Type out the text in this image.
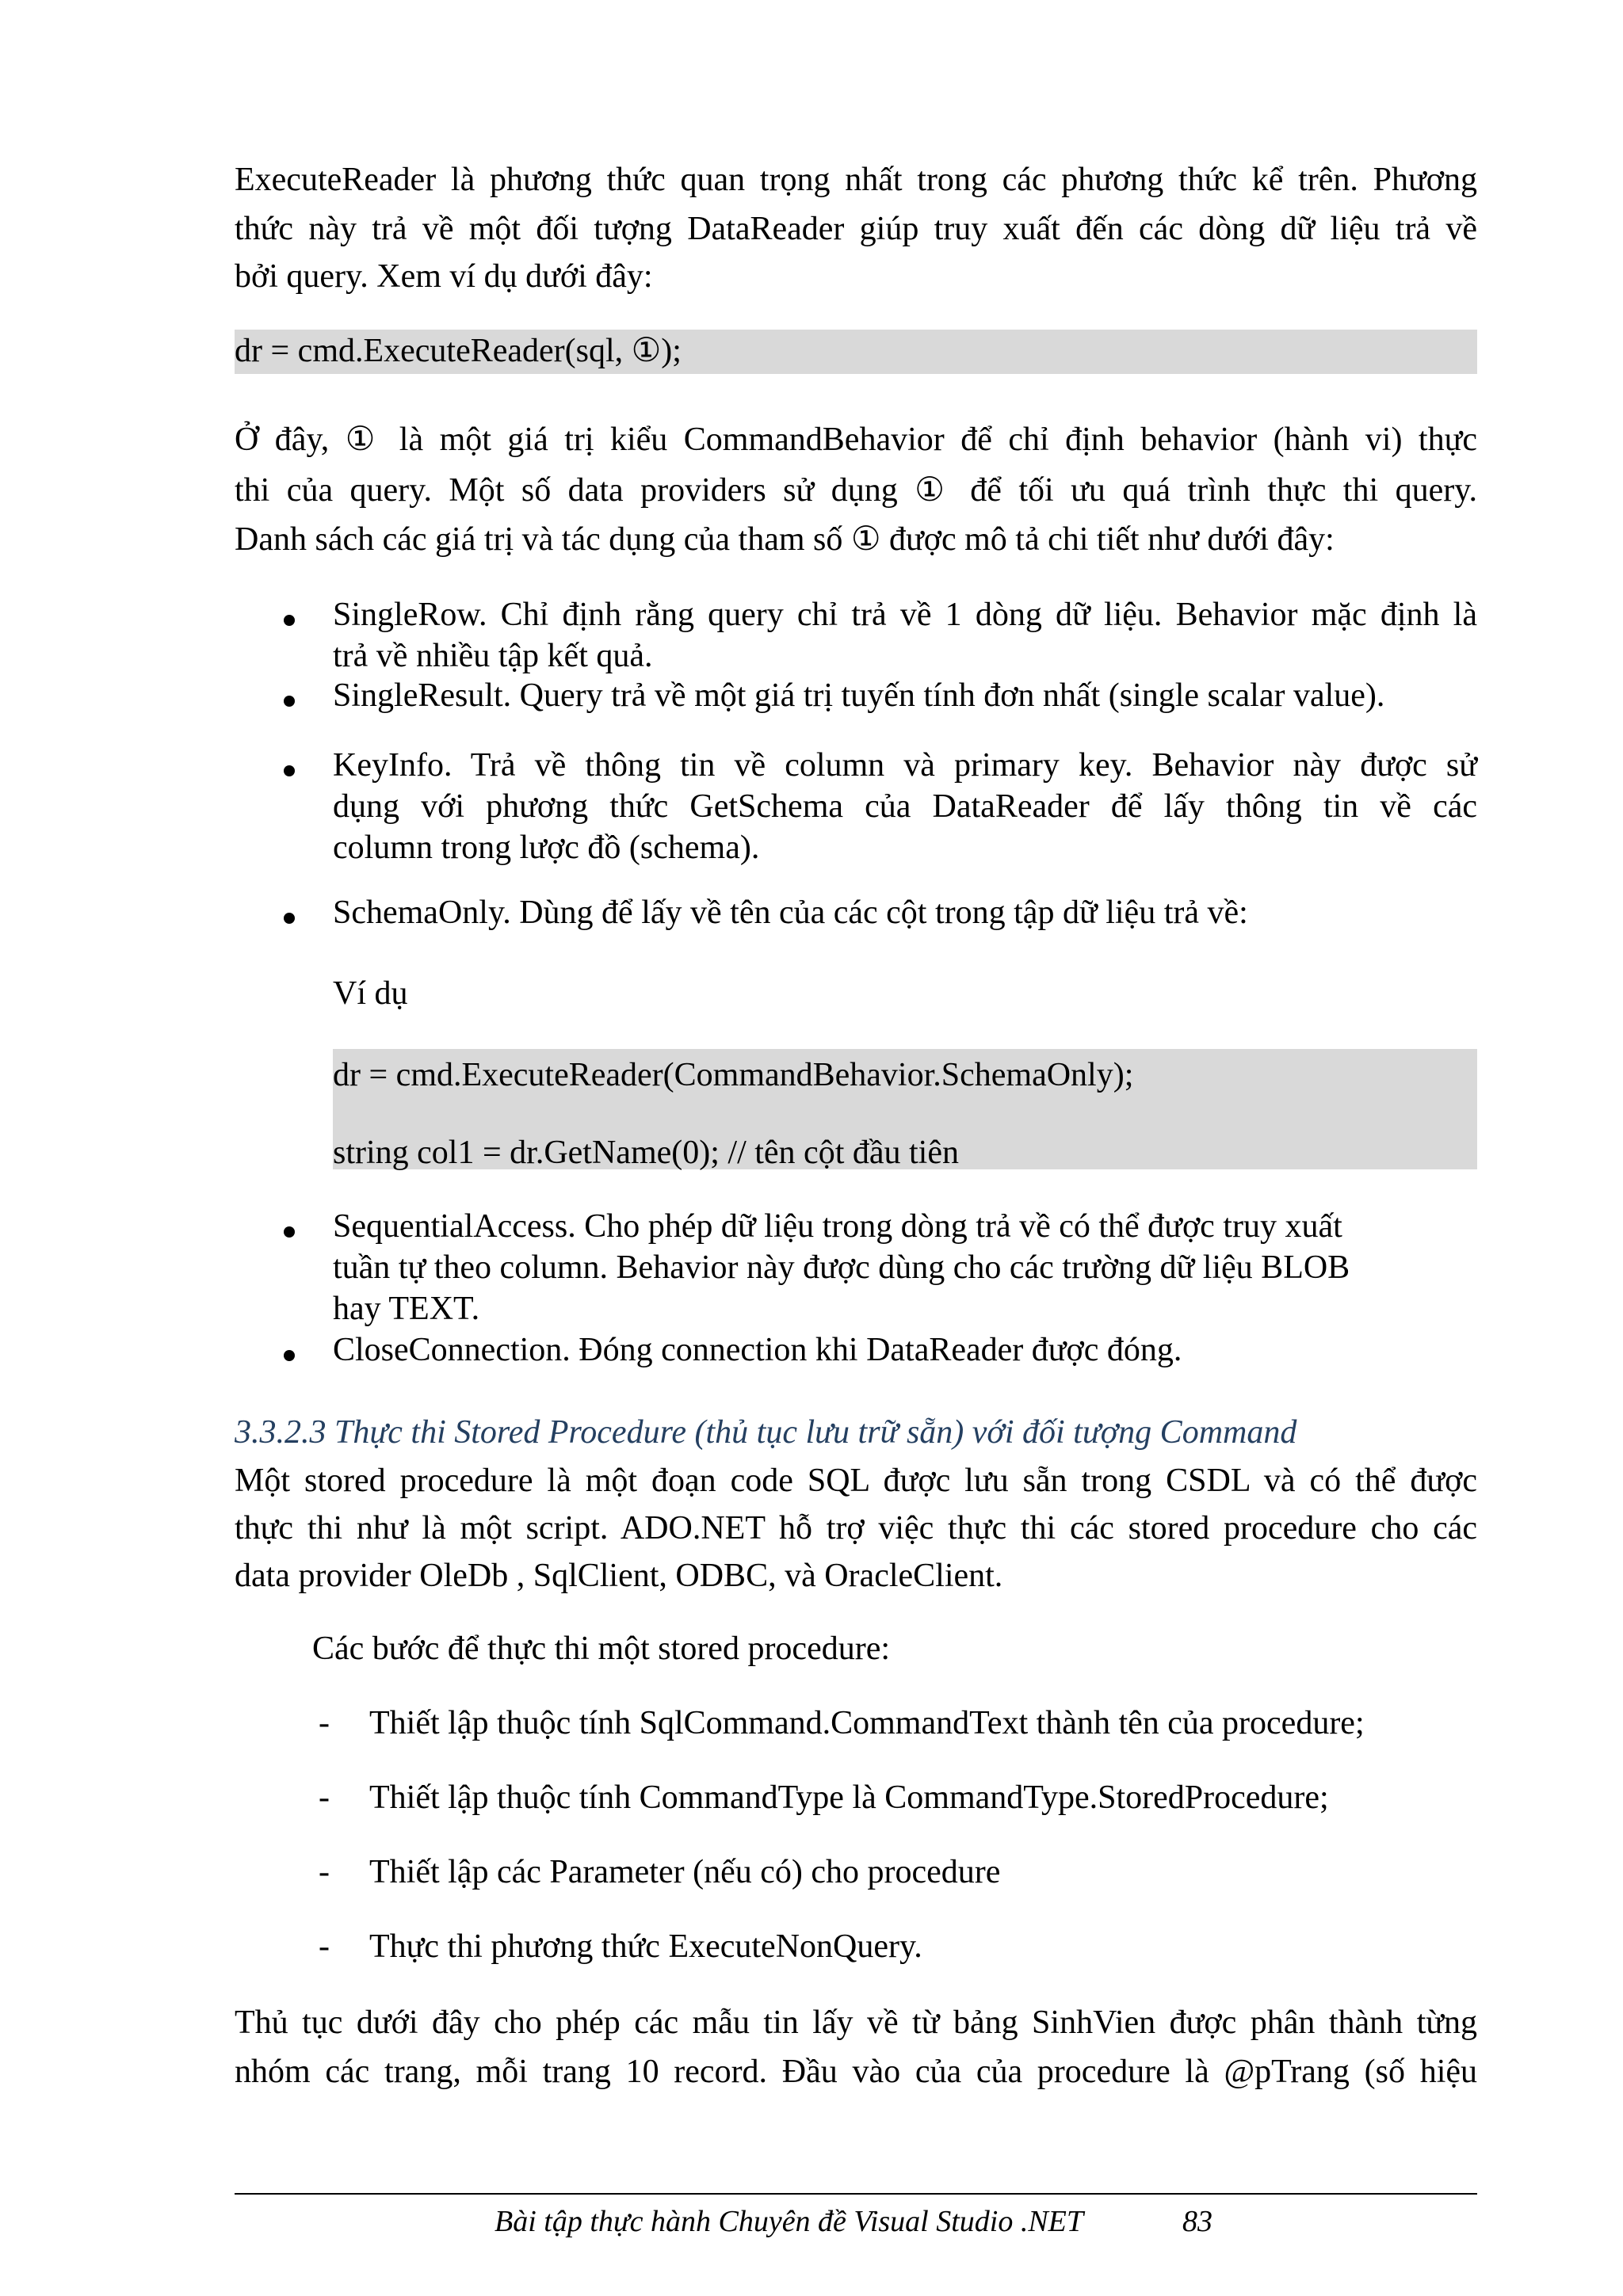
ExecuteReader là phương thức quan trọng nhất trong các phương thức kể trên. Phương
thức này trả về một đối tượng DataReader giúp truy xuất đến các dòng dữ liệu trả về
bởi query. Xem ví dụ dưới đây:
dr = cmd.ExecuteReader(sql, ①);
Ở đây, ① là một giá trị kiểu CommandBehavior để chỉ định behavior (hành vi) thực
thi của query. Một số data providers sử dụng ① để tối ưu quá trình thực thi query.
Danh sách các giá trị và tác dụng của tham số ① được mô tả chi tiết như dưới đây:
SingleRow. Chỉ định rằng query chỉ trả về 1 dòng dữ liệu. Behavior mặc định là
trả về nhiều tập kết quả.
SingleResult. Query trả về một giá trị tuyến tính đơn nhất (single scalar value).
KeyInfo. Trả về thông tin về column và primary key. Behavior này được sử
dụng với phương thức GetSchema của DataReader để lấy thông tin về các
column trong lược đồ (schema).
SchemaOnly. Dùng để lấy về tên của các cột trong tập dữ liệu trả về:
Ví dụ
dr = cmd.ExecuteReader(CommandBehavior.SchemaOnly);
string col1 = dr.GetName(0); // tên cột đầu tiên
SequentialAccess. Cho phép dữ liệu trong dòng trả về có thể được truy xuất
tuần tự theo column. Behavior này được dùng cho các trường dữ liệu BLOB
hay TEXT.
CloseConnection. Đóng connection khi DataReader được đóng.
3.3.2.3 Thực thi Stored Procedure (thủ tục lưu trữ sẵn) với đối tượng Command
Một stored procedure là một đoạn code SQL được lưu sẵn trong CSDL và có thể được
thực thi như là một script. ADO.NET hỗ trợ việc thực thi các stored procedure cho các
data provider OleDb , SqlClient, ODBC, và OracleClient.
Các bước để thực thi một stored procedure:
- Thiết lập thuộc tính SqlCommand.CommandText thành tên của procedure;
- Thiết lập thuộc tính CommandType là CommandType.StoredProcedure;
- Thiết lập các Parameter (nếu có) cho procedure
- Thực thi phương thức ExecuteNonQuery.
Thủ tục dưới đây cho phép các mẫu tin lấy về từ bảng SinhVien được phân thành từng
nhóm các trang, mỗi trang 10 record. Đầu vào của của procedure là @pTrang (số hiệu
Bài tập thực hành Chuyên đề Visual Studio .NET	83
